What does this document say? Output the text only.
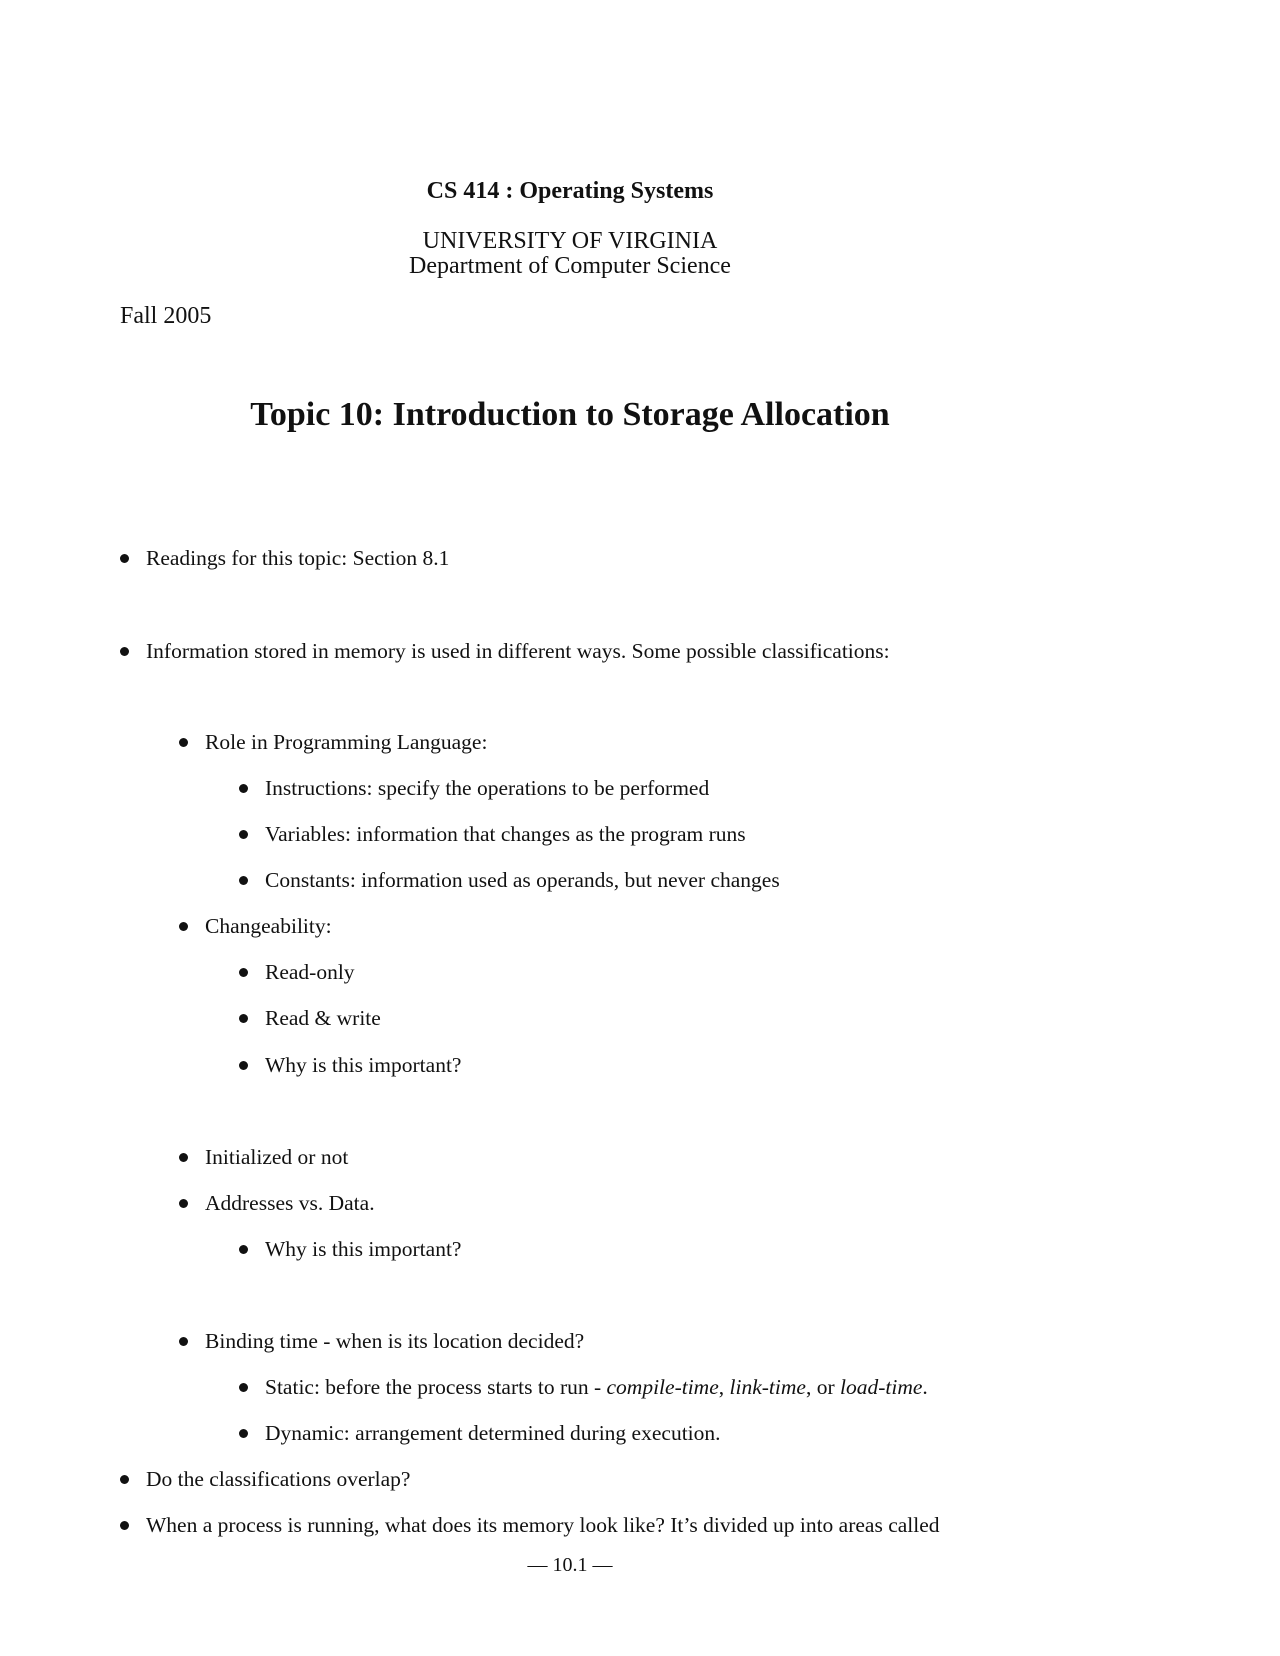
CS 414 : Operating Systems
UNIVERSITY OF VIRGINIA
Department of Computer Science
Fall 2005
Topic 10: Introduction to Storage Allocation
Readings for this topic: Section 8.1
Information stored in memory is used in different ways. Some possible classifications:
Role in Programming Language:
Instructions: specify the operations to be performed
Variables: information that changes as the program runs
Constants: information used as operands, but never changes
Changeability:
Read-only
Read & write
Why is this important?
Initialized or not
Addresses vs. Data.
Why is this important?
Binding time - when is its location decided?
Static: before the process starts to run - compile-time, link-time, or load-time.
Dynamic: arrangement determined during execution.
Do the classifications overlap?
When a process is running, what does its memory look like? It’s divided up into areas called
— 10.1 —
